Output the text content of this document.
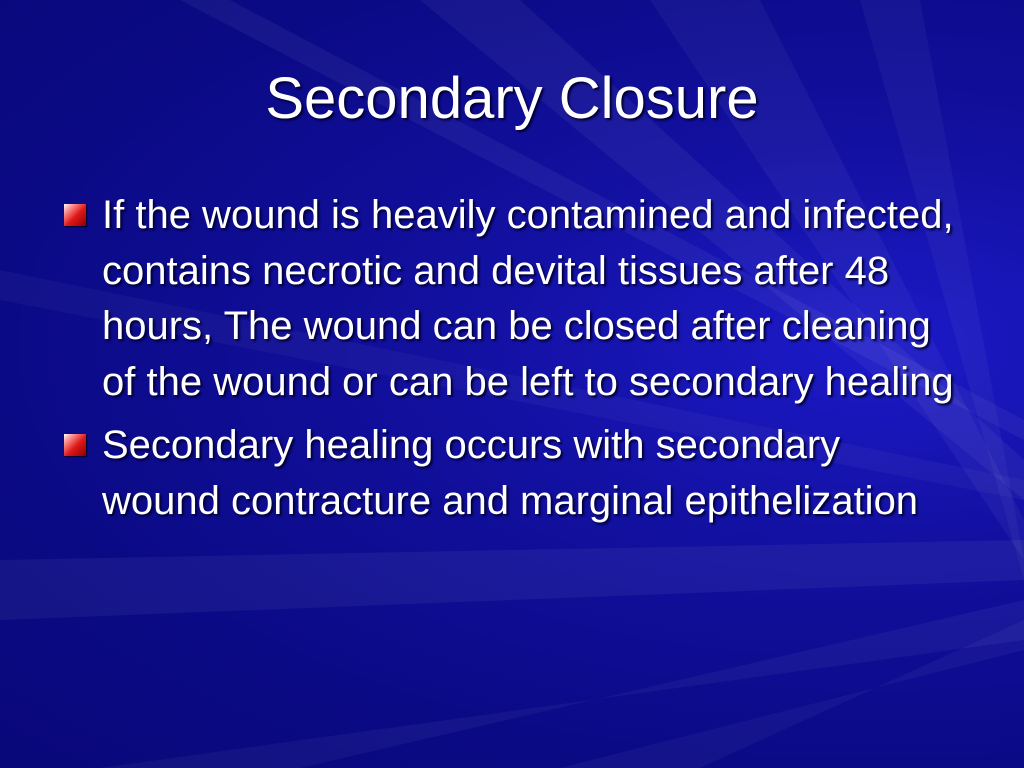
Secondary Closure
If the wound is heavily contamined and infected, contains necrotic and devital tissues after 48 hours, The wound can be closed after cleaning of the wound or can be left to secondary healing
Secondary healing occurs with secondary wound contracture and marginal epithelization
